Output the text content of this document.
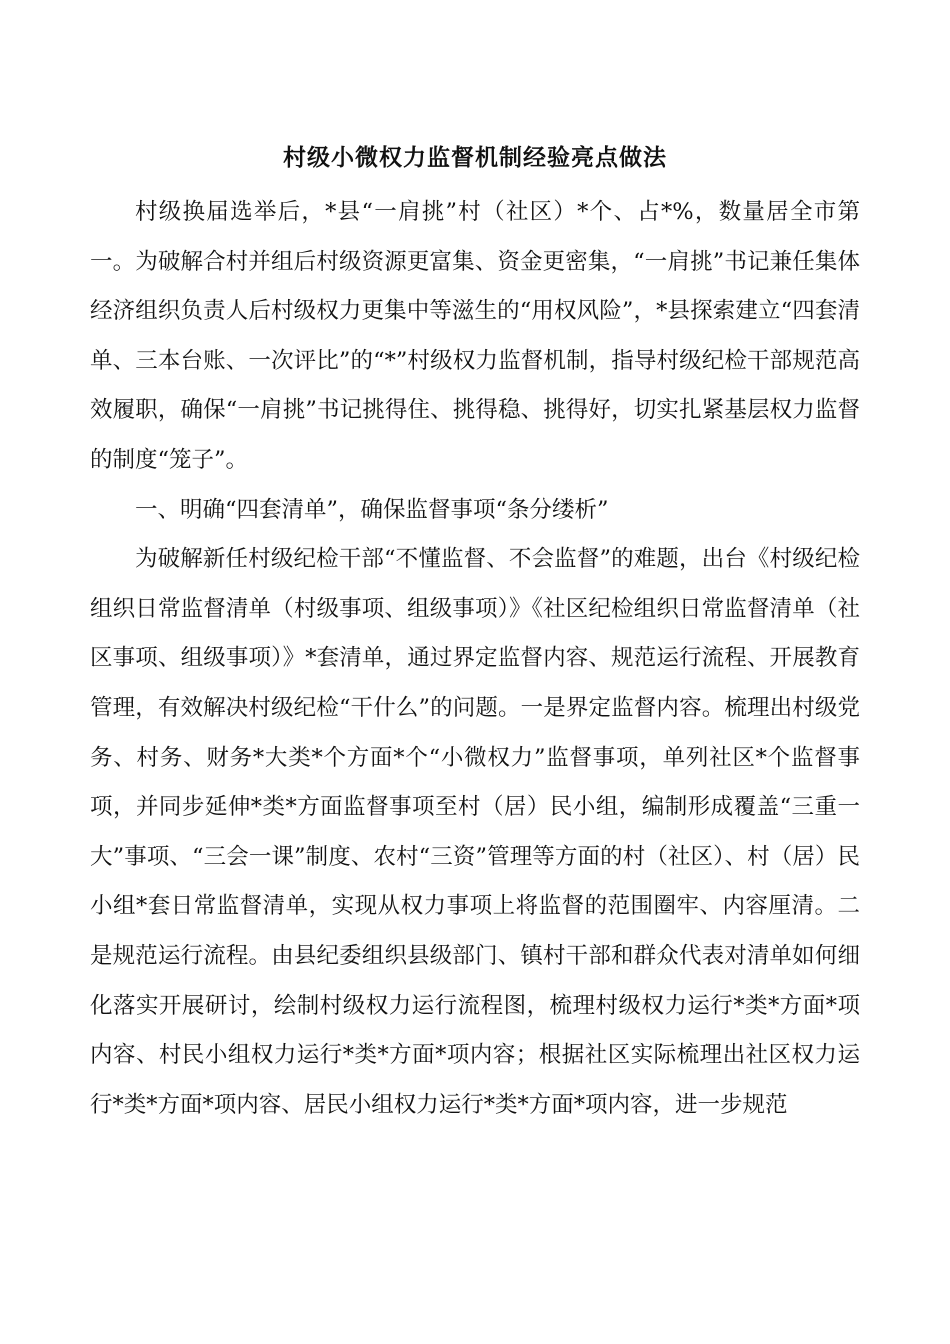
村级小微权力监督机制经验亮点做法

村级换届选举后，*县“一肩挑”村（社区）*个、占*%，数量居全市第一。为破解合村并组后村级资源更富集、资金更密集，“一肩挑”书记兼任集体经济组织负责人后村级权力更集中等滋生的“用权风险”，*县探索建立“四套清单、三本台账、一次评比”的“*”村级权力监督机制，指导村级纪检干部规范高效履职，确保“一肩挑”书记挑得住、挑得稳、挑得好，切实扎紧基层权力监督的制度“笼子”。

一、明确“四套清单”，确保监督事项“条分缕析”

为破解新任村级纪检干部“不懂监督、不会监督”的难题，出台《村级纪检组织日常监督清单（村级事项、组级事项）》《社区纪检组织日常监督清单（社区事项、组级事项）》*套清单，通过界定监督内容、规范运行流程、开展教育管理，有效解决村级纪检“干什么”的问题。一是界定监督内容。梳理出村级党务、村务、财务*大类*个方面*个“小微权力”监督事项，单列社区*个监督事项，并同步延伸*类*方面监督事项至村（居）民小组，编制形成覆盖“三重一大”事项、“三会一课”制度、农村“三资”管理等方面的村（社区）、村（居）民小组*套日常监督清单，实现从权力事项上将监督的范围圈牢、内容厘清。二是规范运行流程。由县纪委组织县级部门、镇村干部和群众代表对清单如何细化落实开展研讨，绘制村级权力运行流程图，梳理村级权力运行*类*方面*项内容、村民小组权力运行*类*方面*项内容；根据社区实际梳理出社区权力运行*类*方面*项内容、居民小组权力运行*类*方面*项内容，进一步规范
